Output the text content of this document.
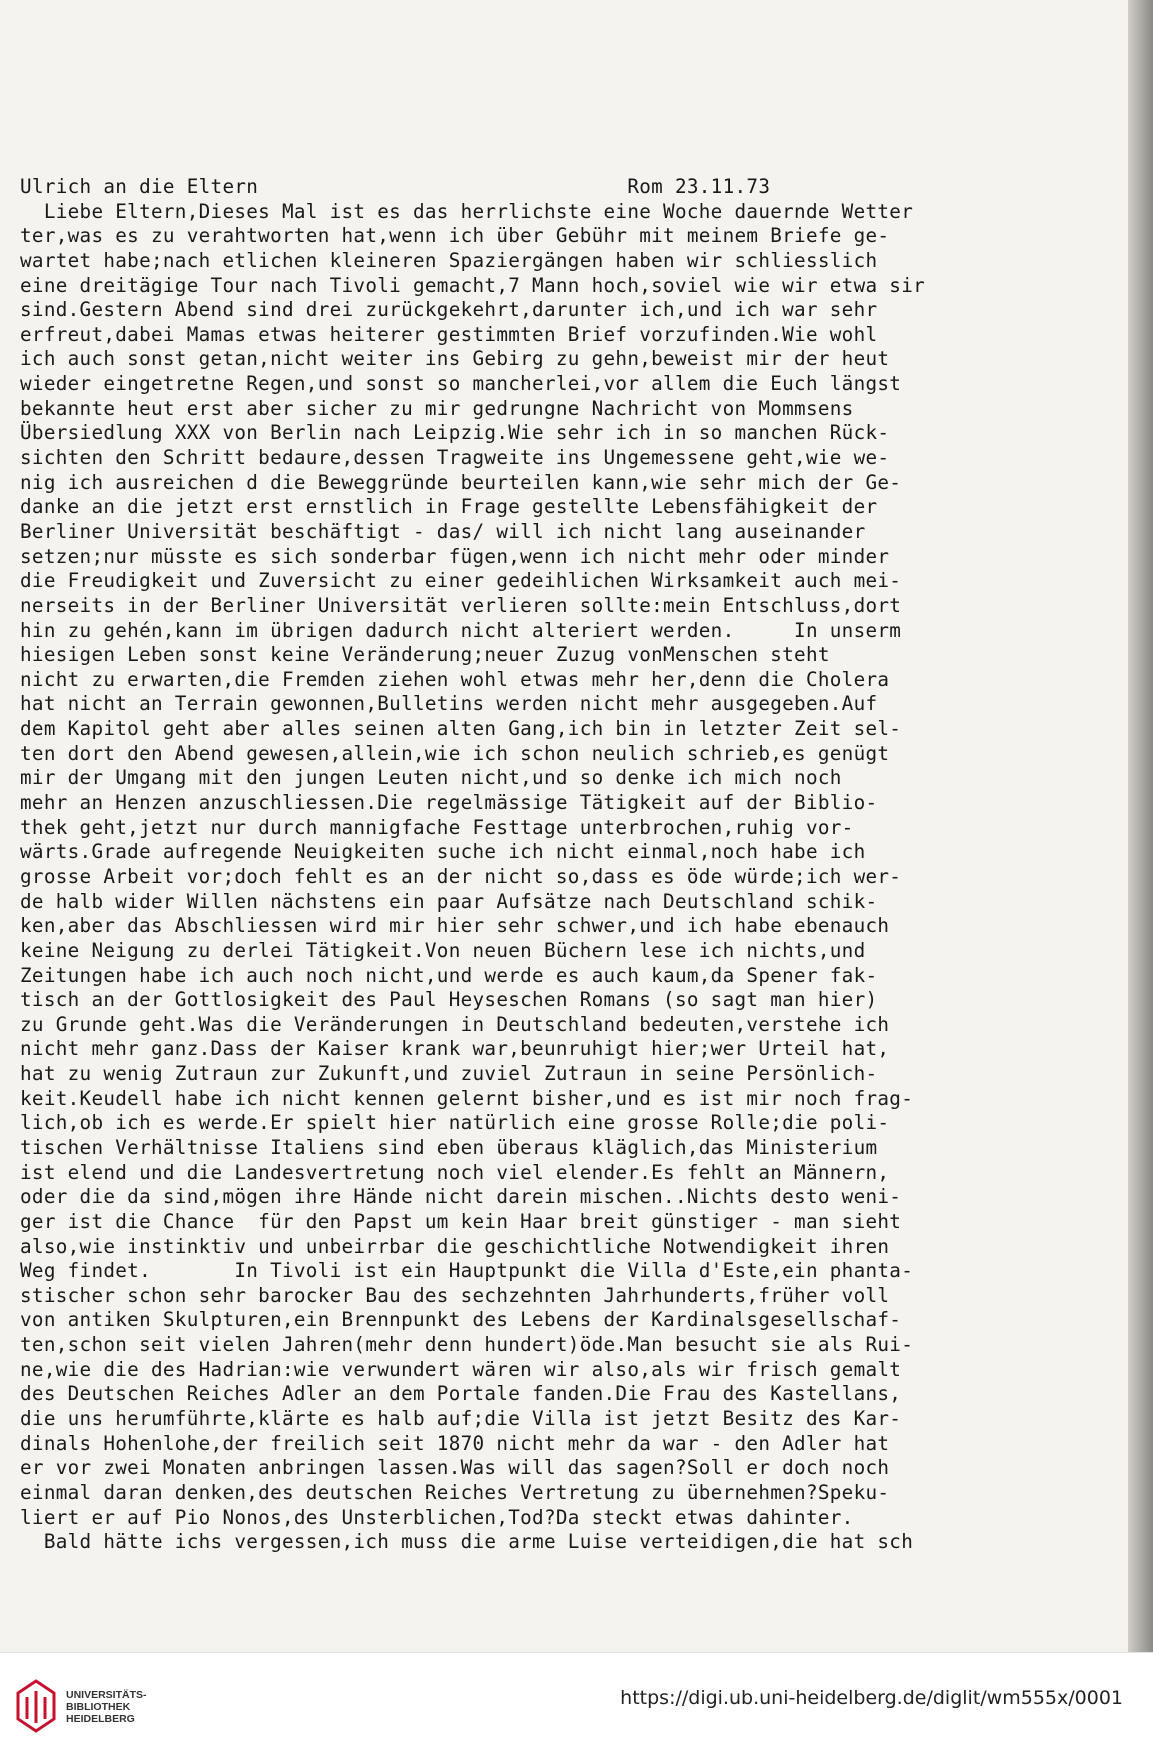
Ulrich an die Eltern                               Rom 23.11.73
Liebe Eltern,Dieses Mal ist es das herrlichste eine Woche dauernde Wetter
ter,was es zu verahtworten hat,wenn ich über Gebühr mit meinem Briefe ge-
wartet habe;nach etlichen kleineren Spaziergängen haben wir schliesslich
eine dreitägige Tour nach Tivoli gemacht,7 Mann hoch,soviel wie wir etwa sir
sind.Gestern Abend sind drei zurückgekehrt,darunter ich,und ich war sehr
erfreut,dabei Mamas etwas heiterer gestimmten Brief vorzufinden.Wie wohl
ich auch sonst getan,nicht weiter ins Gebirg zu gehn,beweist mir der heut
wieder eingetretne Regen,und sonst so mancherlei,vor allem die Euch längst
bekannte heut erst aber sicher zu mir gedrungne Nachricht von Mommsens
Übersiedlung XXX von Berlin nach Leipzig.Wie sehr ich in so manchen Rück-
sichten den Schritt bedaure,dessen Tragweite ins Ungemessene geht,wie we-
nig ich ausreichen d die Beweggründe beurteilen kann,wie sehr mich der Ge-
danke an die jetzt erst ernstlich in Frage gestellte Lebensfähigkeit der
Berliner Universität beschäftigt - das/ will ich nicht lang auseinander
setzen;nur müsste es sich sonderbar fügen,wenn ich nicht mehr oder minder
die Freudigkeit und Zuversicht zu einer gedeihlichen Wirksamkeit auch mei-
nerseits in der Berliner Universität verlieren sollte:mein Entschluss,dort
hin zu gehén,kann im übrigen dadurch nicht alteriert werden.     In unserm
hiesigen Leben sonst keine Veränderung;neuer Zuzug vonMenschen steht
nicht zu erwarten,die Fremden ziehen wohl etwas mehr her,denn die Cholera
hat nicht an Terrain gewonnen,Bulletins werden nicht mehr ausgegeben.Auf
dem Kapitol geht aber alles seinen alten Gang,ich bin in letzter Zeit sel-
ten dort den Abend gewesen,allein,wie ich schon neulich schrieb,es genügt
mir der Umgang mit den jungen Leuten nicht,und so denke ich mich noch
mehr an Henzen anzuschliessen.Die regelmässige Tätigkeit auf der Biblio-
thek geht,jetzt nur durch mannigfache Festtage unterbrochen,ruhig vor-
wärts.Grade aufregende Neuigkeiten suche ich nicht einmal,noch habe ich
grosse Arbeit vor;doch fehlt es an der nicht so,dass es öde würde;ich wer-
de halb wider Willen nächstens ein paar Aufsätze nach Deutschland schik-
ken,aber das Abschliessen wird mir hier sehr schwer,und ich habe ebenauch
keine Neigung zu derlei Tätigkeit.Von neuen Büchern lese ich nichts,und
Zeitungen habe ich auch noch nicht,und werde es auch kaum,da Spener fak-
tisch an der Gottlosigkeit des Paul Heyseschen Romans (so sagt man hier)
zu Grunde geht.Was die Veränderungen in Deutschland bedeuten,verstehe ich
nicht mehr ganz.Dass der Kaiser krank war,beunruhigt hier;wer Urteil hat,
hat zu wenig Zutraun zur Zukunft,und zuviel Zutraun in seine Persönlich-
keit.Keudell habe ich nicht kennen gelernt bisher,und es ist mir noch frag-
lich,ob ich es werde.Er spielt hier natürlich eine grosse Rolle;die poli-
tischen Verhältnisse Italiens sind eben überaus kläglich,das Ministerium
ist elend und die Landesvertretung noch viel elender.Es fehlt an Männern,
oder die da sind,mögen ihre Hände nicht darein mischen..Nichts desto weni-
ger ist die Chance  für den Papst um kein Haar breit günstiger - man sieht
also,wie instinktiv und unbeirrbar die geschichtliche Notwendigkeit ihren
Weg findet.       In Tivoli ist ein Hauptpunkt die Villa d'Este,ein phanta-
stischer schon sehr barocker Bau des sechzehnten Jahrhunderts,früher voll
von antiken Skulpturen,ein Brennpunkt des Lebens der Kardinalsgesellschaf-
ten,schon seit vielen Jahren(mehr denn hundert)öde.Man besucht sie als Rui-
ne,wie die des Hadrian:wie verwundert wären wir also,als wir frisch gemalt
des Deutschen Reiches Adler an dem Portale fanden.Die Frau des Kastellans,
die uns herumführte,klärte es halb auf;die Villa ist jetzt Besitz des Kar-
dinals Hohenlohe,der freilich seit 1870 nicht mehr da war - den Adler hat
er vor zwei Monaten anbringen lassen.Was will das sagen?Soll er doch noch
einmal daran denken,des deutschen Reiches Vertretung zu übernehmen?Speku-
liert er auf Pio Nonos,des Unsterblichen,Tod?Da steckt etwas dahinter.
Bald hätte ichs vergessen,ich muss die arme Luise verteidigen,die hat sch
UNIVERSITÄTS-
BIBLIOTHEK
HEIDELBERG
https://digi.ub.uni-heidelberg.de/diglit/wm555x/0001
